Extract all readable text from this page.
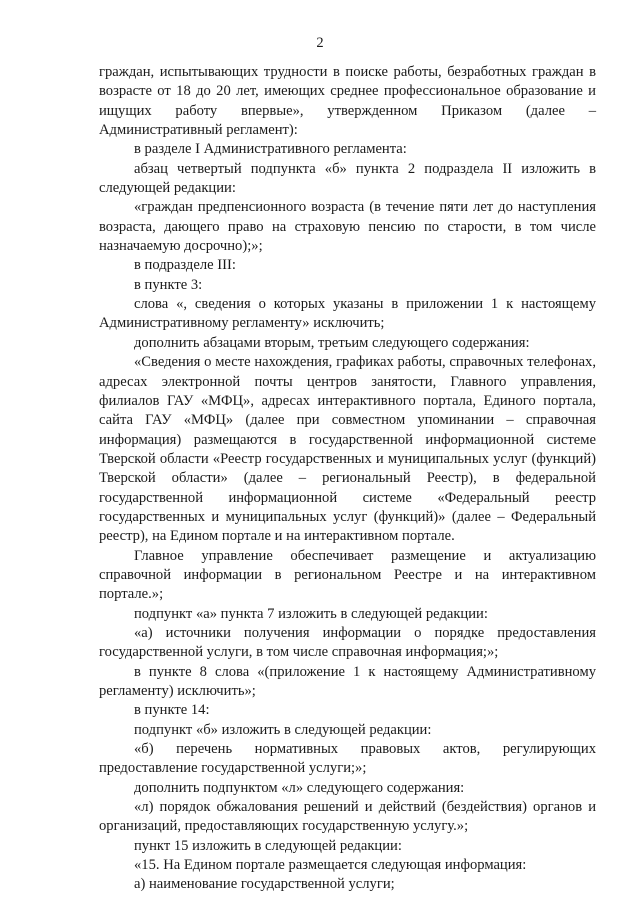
2

граждан, испытывающих трудности в поиске работы, безработных граждан в возрасте от 18 до 20 лет, имеющих среднее профессиональное образование и ищущих работу впервые», утвержденном Приказом (далее – Административный регламент):

в разделе I Административного регламента:

абзац четвертый подпункта «б» пункта 2 подраздела II изложить в следующей редакции:

«граждан предпенсионного возраста (в течение пяти лет до наступления возраста, дающего право на страховую пенсию по старости, в том числе назначаемую досрочно);»;

в подразделе III:

в пункте 3:

слова «, сведения о которых указаны в приложении 1 к настоящему Административному регламенту» исключить;

дополнить абзацами вторым, третьим следующего содержания:

«Сведения о месте нахождения, графиках работы, справочных телефонах, адресах электронной почты центров занятости, Главного управления, филиалов ГАУ «МФЦ», адресах интерактивного портала, Единого портала, сайта ГАУ «МФЦ» (далее при совместном упоминании – справочная информация) размещаются в государственной информационной системе Тверской области «Реестр государственных и муниципальных услуг (функций) Тверской области» (далее – региональный Реестр), в федеральной государственной информационной системе «Федеральный реестр государственных и муниципальных услуг (функций)» (далее – Федеральный реестр), на Едином портале и на интерактивном портале.

Главное управление обеспечивает размещение и актуализацию справочной информации в региональном Реестре и на интерактивном портале.»;

подпункт «а» пункта 7 изложить в следующей редакции:

«а) источники получения информации о порядке предоставления государственной услуги, в том числе справочная информация;»;

в пункте 8 слова «(приложение 1 к настоящему Административному регламенту) исключить»;

в пункте 14:

подпункт «б» изложить в следующей редакции:

«б) перечень нормативных правовых актов, регулирующих предоставление государственной услуги;»;

дополнить подпунктом «л» следующего содержания:

«л) порядок обжалования решений и действий (бездействия) органов и организаций, предоставляющих государственную услугу.»;

пункт 15 изложить в следующей редакции:

«15. На Едином портале размещается следующая информация:

а) наименование государственной услуги;
